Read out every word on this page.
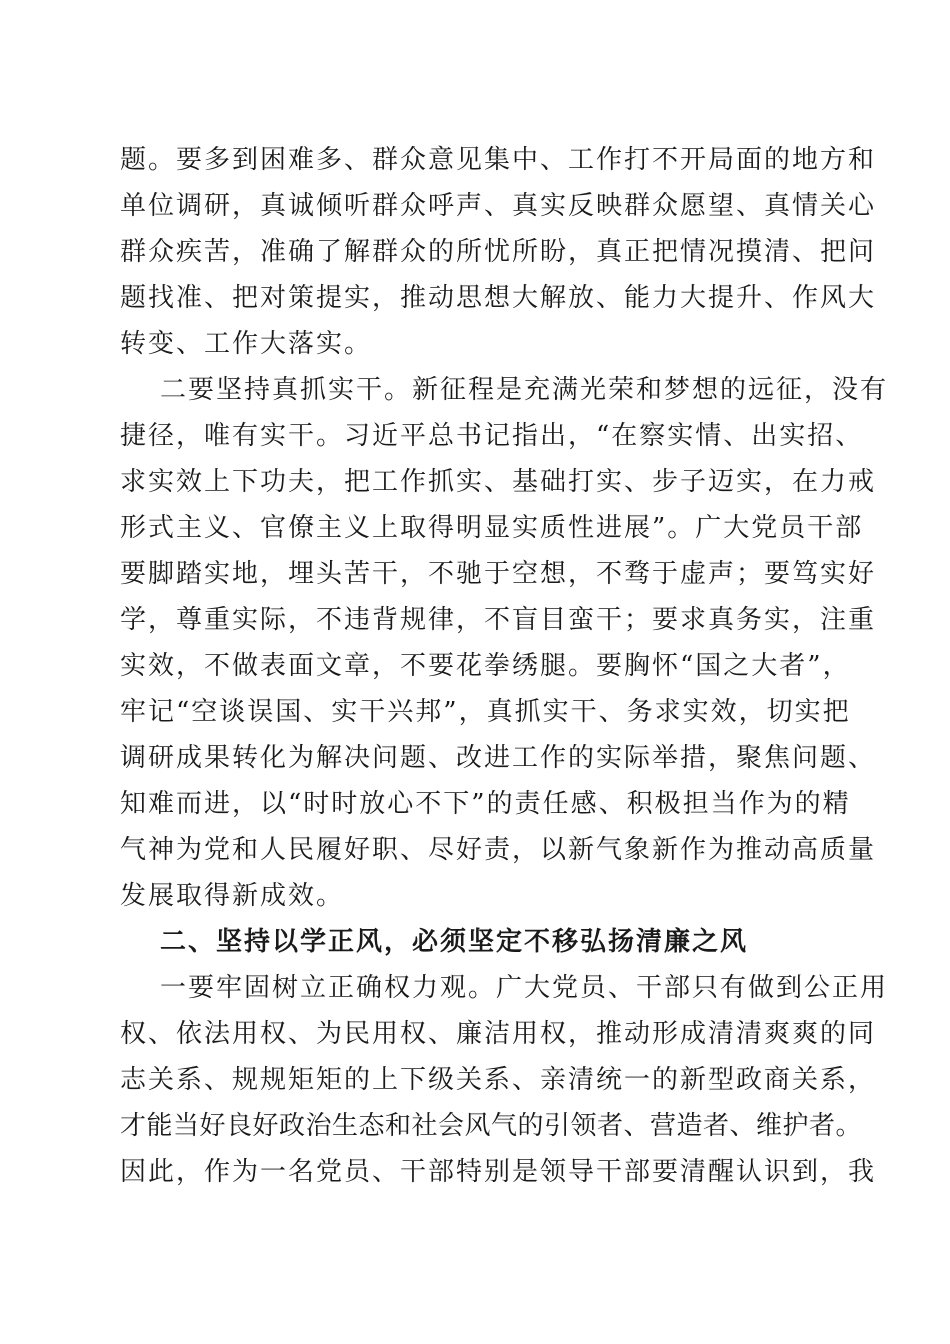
题。要多到困难多、群众意见集中、工作打不开局面的地方和
单位调研，真诚倾听群众呼声、真实反映群众愿望、真情关心
群众疾苦，准确了解群众的所忧所盼，真正把情况摸清、把问
题找准、把对策提实，推动思想大解放、能力大提升、作风大
转变、工作大落实。
二要坚持真抓实干。新征程是充满光荣和梦想的远征，没有
捷径，唯有实干。习近平总书记指出，“在察实情、出实招、
求实效上下功夫，把工作抓实、基础打实、步子迈实，在力戒
形式主义、官僚主义上取得明显实质性进展”。广大党员干部
要脚踏实地，埋头苦干，不驰于空想，不骛于虚声；要笃实好
学，尊重实际，不违背规律，不盲目蛮干；要求真务实，注重
实效，不做表面文章，不要花拳绣腿。要胸怀“国之大者”，
牢记“空谈误国、实干兴邦”，真抓实干、务求实效，切实把
调研成果转化为解决问题、改进工作的实际举措，聚焦问题、
知难而进，以“时时放心不下”的责任感、积极担当作为的精
气神为党和人民履好职、尽好责，以新气象新作为推动高质量
发展取得新成效。
二、坚持以学正风，必须坚定不移弘扬清廉之风
一要牢固树立正确权力观。广大党员、干部只有做到公正用
权、依法用权、为民用权、廉洁用权，推动形成清清爽爽的同
志关系、规规矩矩的上下级关系、亲清统一的新型政商关系，
才能当好良好政治生态和社会风气的引领者、营造者、维护者。
因此，作为一名党员、干部特别是领导干部要清醒认识到，我
